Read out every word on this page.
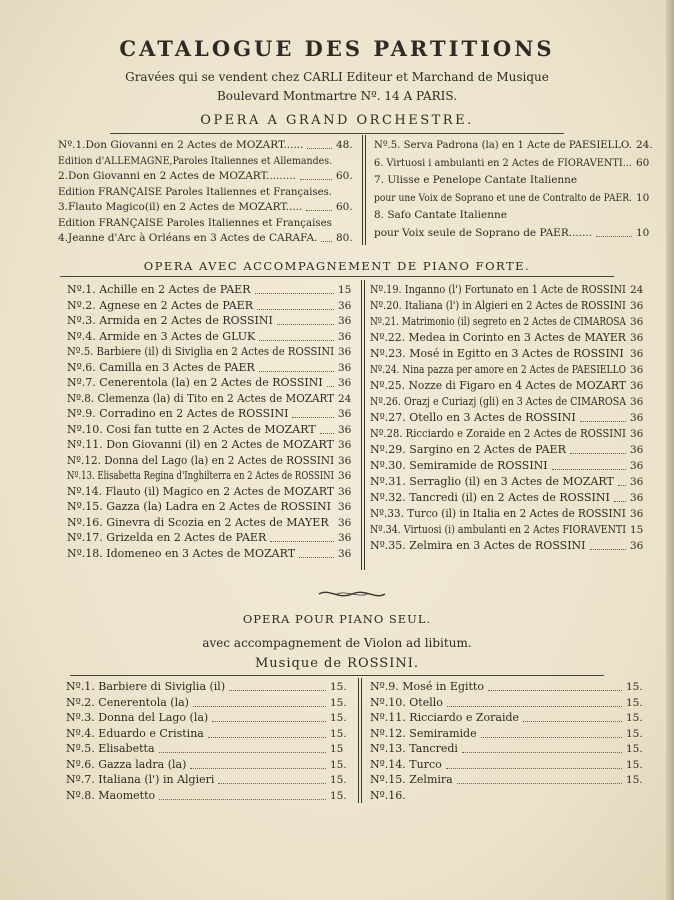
CATALOGUE DES PARTITIONS
Gravées qui se vendent chez CARLI Editeur et Marchand de Musique
Boulevard Montmartre Nº. 14 A PARIS.
OPERA A GRAND ORCHESTRE.
Nº.1.Don Giovanni en 2 Actes de MOZART......	48.
Edition d'ALLEMAGNE,Paroles Italiennes et Allemandes.
2.Don Giovanni en 2 Actes de MOZART.........	60.
Edition FRANÇAISE Paroles Italiennes et Françaises.
3.Flauto Magico(il) en 2 Actes de MOZART.....	60.
Edition FRANÇAISE Paroles Italiennes et Françaises
4.Jeanne d'Arc à Orléans en 3 Actes de CARAFA. 80.
Nº.5. Serva Padrona (la) en 1 Acte de PAESIELLO. 24.
6. Virtuosi i ambulanti en 2 Actes de FIORAVENTI... 60
7. Ulisse e Penelope Cantate Italienne
pour une Voix de Soprano et une de Contralto de PAER. 10
8. Safo Cantate Italienne
pour Voix seule de Soprano de PAER.......	10
OPERA AVEC ACCOMPAGNEMENT DE PIANO FORTE.
Nº.1. Achille en 2 Actes de PAER	15
Nº.2. Agnese en 2 Actes de PAER	36
Nº.3. Armida en 2 Actes de ROSSINI	36
Nº.4. Armide en 3 Actes de GLUK	36
Nº.5. Barbiere (il) di Siviglia en 2 Actes de ROSSINI 36
Nº.6. Camilla en 3 Actes de PAER	36
Nº.7. Cenerentola (la) en 2 Actes de ROSSINI 36
Nº.8. Clemenza (la) di Tito en 2 Actes de MOZART 24
Nº.9. Corradino en 2 Actes de ROSSINI	36
Nº.10. Cosi fan tutte en 2 Actes de MOZART 36
Nº.11. Don Giovanni (il) en 2 Actes de MOZART 36
Nº.12. Donna del Lago (la) en 2 Actes de ROSSINI 36
Nº.13. Elisabetta Regina d'Inghilterra en 2 Actes de ROSSINI 36
Nº.14. Flauto (il) Magico en 2 Actes de MOZART 36
Nº.15. Gazza (la) Ladra en 2 Actes de ROSSINI 36
Nº.16. Ginevra di Scozia en 2 Actes de MAYER 36
Nº.17. Grizelda en 2 Actes de PAER	36
Nº.18. Idomeneo en 3 Actes de MOZART	36
Nº.19. Inganno (l') Fortunato en 1 Acte de ROSSINI 24
Nº.20. Italiana (l') in Algieri en 2 Actes de ROSSINI 36
Nº.21. Matrimonio (il) segreto en 2 Actes de CIMAROSA 36
Nº.22. Medea in Corinto en 3 Actes de MAYER 36
Nº.23. Mosé in Egitto en 3 Actes de ROSSINI 36
Nº.24. Nina pazza per amore en 2 Actes de PAESIELLO 36
Nº.25. Nozze di Figaro en 4 Actes de MOZART 36
Nº.26. Orazj e Curiazj (gli) en 3 Actes de CIMAROSA 36
Nº.27. Otello en 3 Actes de ROSSINI	36
Nº.28. Ricciardo e Zoraide en 2 Actes de ROSSINI 36
Nº.29. Sargino en 2 Actes de PAER	36
Nº.30. Semiramide de ROSSINI	36
Nº.31. Serraglio (il) en 3 Actes de MOZART 36
Nº.32. Tancredi (il) en 2 Actes de ROSSINI 36
Nº.33. Turco (il) in Italia en 2 Actes de ROSSINI 36
Nº.34. Virtuosi (i) ambulanti en 2 Actes FIORAVENTI 15
Nº.35. Zelmira en 3 Actes de ROSSINI	36
OPERA POUR PIANO SEUL.
avec accompagnement de Violon ad libitum.
Musique de ROSSINI.
Nº.1. Barbiere di Siviglia (il)	15.
Nº.2. Cenerentola (la)	15.
Nº.3. Donna del Lago (la)	15.
Nº.4. Eduardo e Cristina	15.
Nº.5. Elisabetta	15
Nº.6. Gazza ladra (la)	15.
Nº.7. Italiana (l') in Algieri	15.
Nº.8. Maometto	15.
Nº.9. Mosé in Egitto	15.
Nº.10. Otello	15.
Nº.11. Ricciardo e Zoraide	15.
Nº.12. Semiramide	15.
Nº.13. Tancredi	15.
Nº.14. Turco	15.
Nº.15. Zelmira	15.
Nº.16.
